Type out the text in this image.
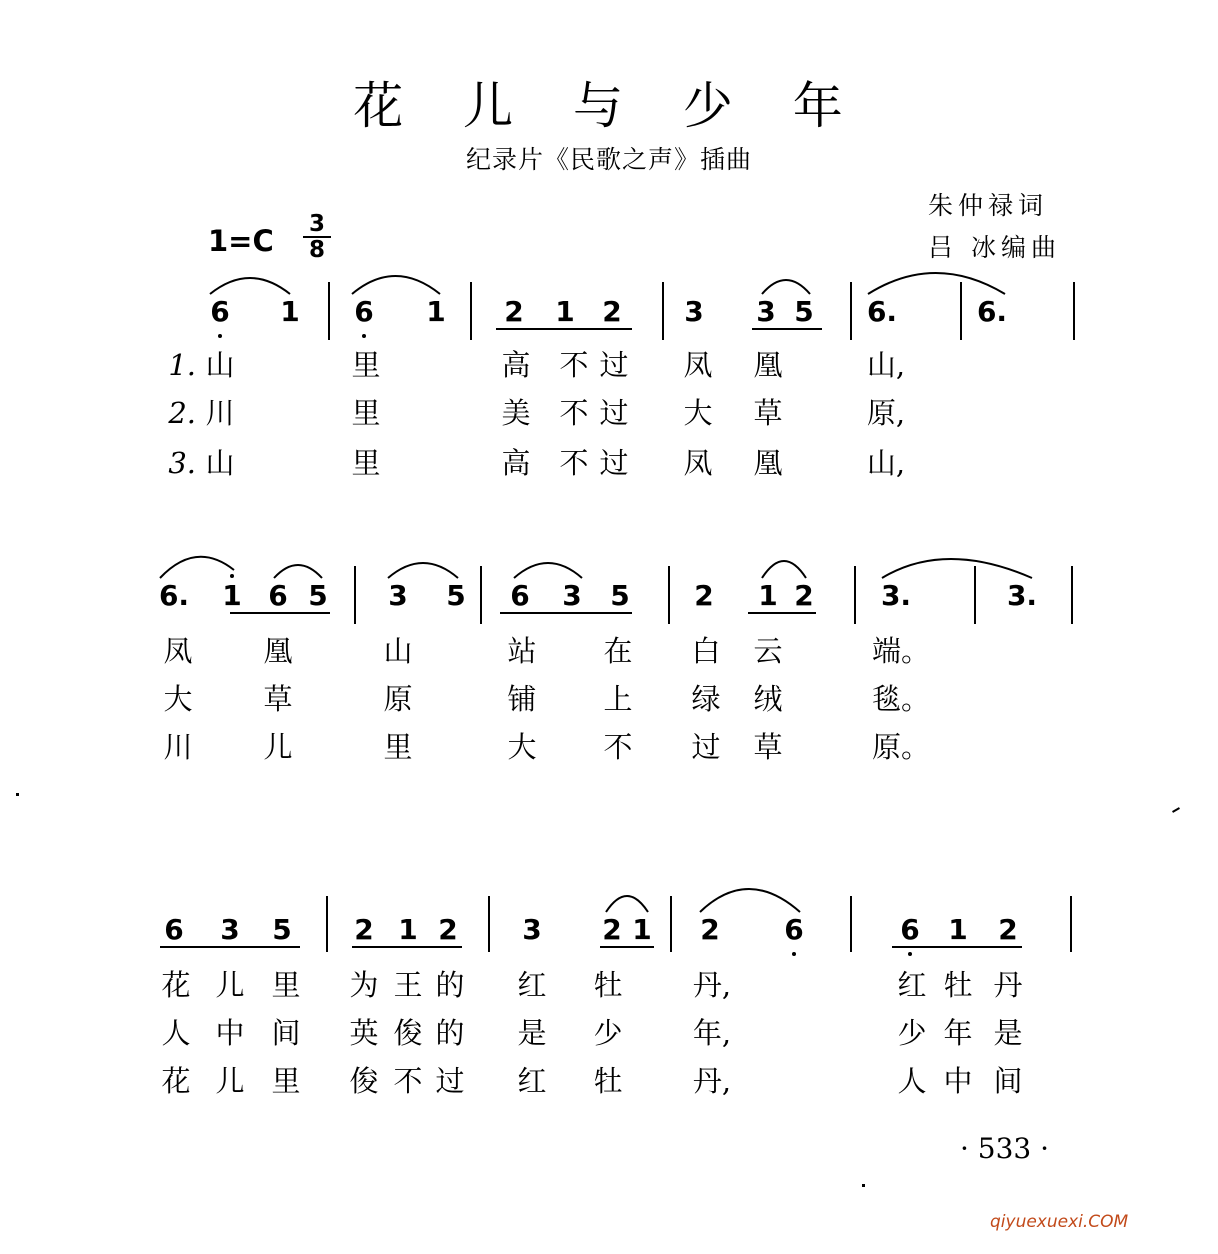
花 儿 与 少 年
纪录片《民歌之声》插曲
朱仲禄词
吕 冰编曲
1=C	3
8
6	1	6	1	2	1 2	3	3 5	6.	6.
1. 山	里	高 不 过 凤 凰	山,
2. 川	里	美 不 过 大 草	原,
3. 山	里	高 不 过 凤 凰	山,
6.	1 6 5	3	5	6	3	5	2	1 2	3.	3.
凤 凰	山	站 在 白 云	端。
大 草	原	铺 上 绿 绒	毯。
川 儿	里	大 不 过 草	原。
6	3	5	2 1 2	3	2 1	2	6	6	1	2
花 儿 里 为 王 的 红 牡 丹,	红 牡 丹
人 中 间 英 俊 的 是 少 年,	少 年 是
花 儿 里 俊 不 过 红 牡 丹,	人 中 间
· 533 ·
qiyuexuexi.COM
